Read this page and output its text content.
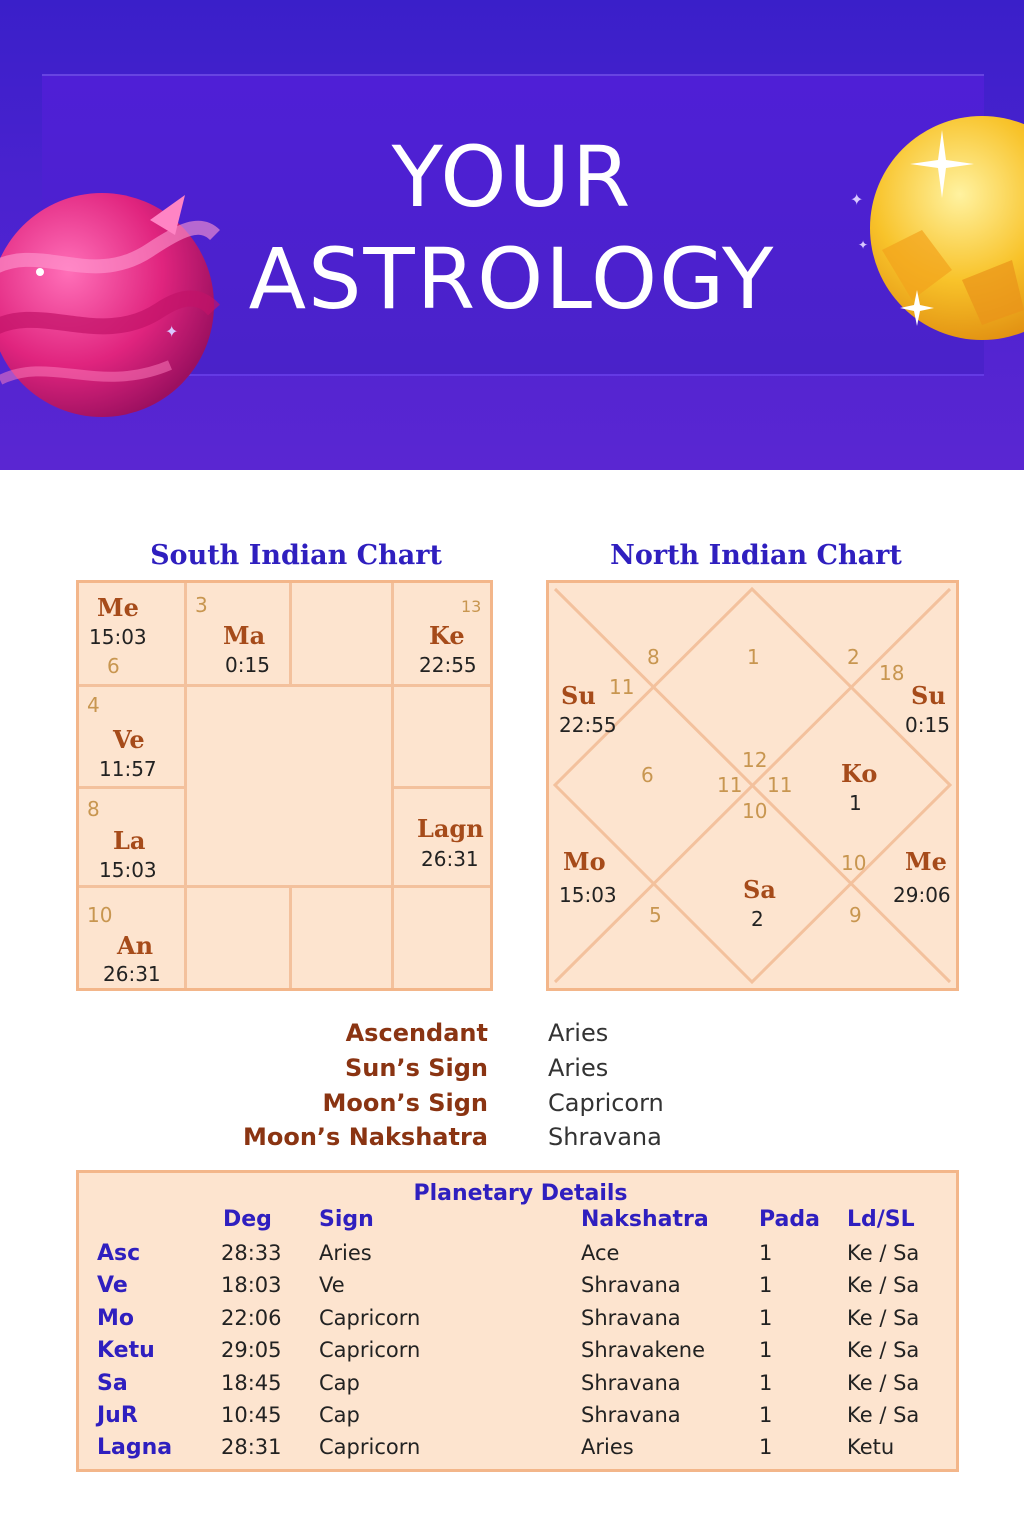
✦
✦
✦
YOUR
ASTROLOGY
South Indian Chart	North Indian Chart
Me
15:03
6
3
Ma
0:15
13
Ke
22:55
4
Ve
11:57
8
La
15:03
Lagn
26:31
10
An
26:31
8	1	2
11
18
6
12
11 11
10
10
5	9
Su
22:55
Su
0:15
Ko
1
Mo
15:03	Sa
2
Me
29:06
Ascendant	Aries
Sun’s Sign	Aries
Moon’s Sign	Capricorn
Moon’s Nakshatra	Shravana
Planetary Details
Deg Sign	Nakshatra Pada Ld/SL
Asc	28:33 Aries	Ace	1	Ke / Sa
Ve	18:03 Ve	Shravana	1	Ke / Sa
Mo	22:06 Capricorn	Shravana	1	Ke / Sa
Ketu	29:05 Capricorn	Shravakene	1	Ke / Sa
Sa	18:45 Cap	Shravana	1	Ke / Sa
JuR	10:45 Cap	Shravana	1	Ke / Sa
Lagna 28:31 Capricorn	Aries	1	Ketu
